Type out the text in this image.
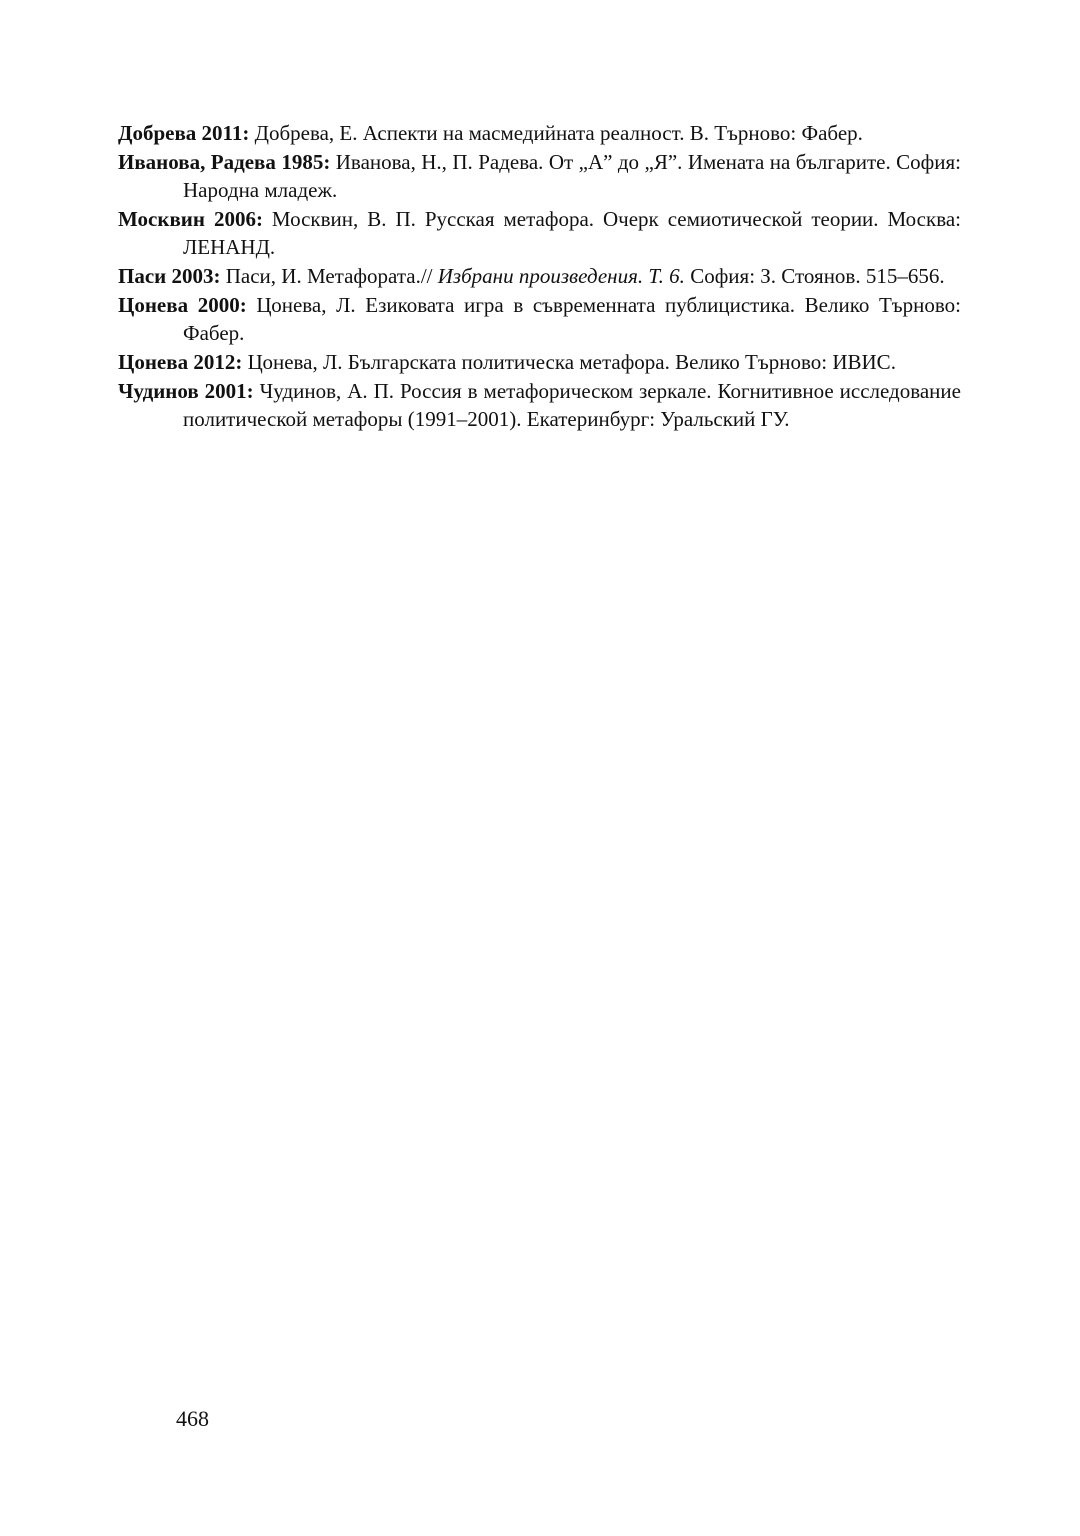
Добрева 2011: Добрева, Е. Аспекти на масмедийната реалност. В. Търново: Фабер.

Иванова, Радева 1985: Иванова, Н., П. Радева. От „А” до „Я”. Имената на българите. София: Народна младеж.

Москвин 2006: Москвин, В. П. Русская метафора. Очерк семиотической теории. Москва: ЛЕНАНД.

Паси 2003: Паси, И. Метафората.// Избрани произведения. Т. 6. София: З. Стоянов. 515–656.

Цонева 2000: Цонева, Л. Езиковата игра в съвременната публицистика. Велико Търново: Фабер.

Цонева 2012: Цонева, Л. Българската политическа метафора. Велико Търново: ИВИС.

Чудинов 2001: Чудинов, А. П. Россия в метафорическом зеркале. Когнитивное исследование политической метафоры (1991–2001). Екатеринбург: Уральский ГУ.

468
